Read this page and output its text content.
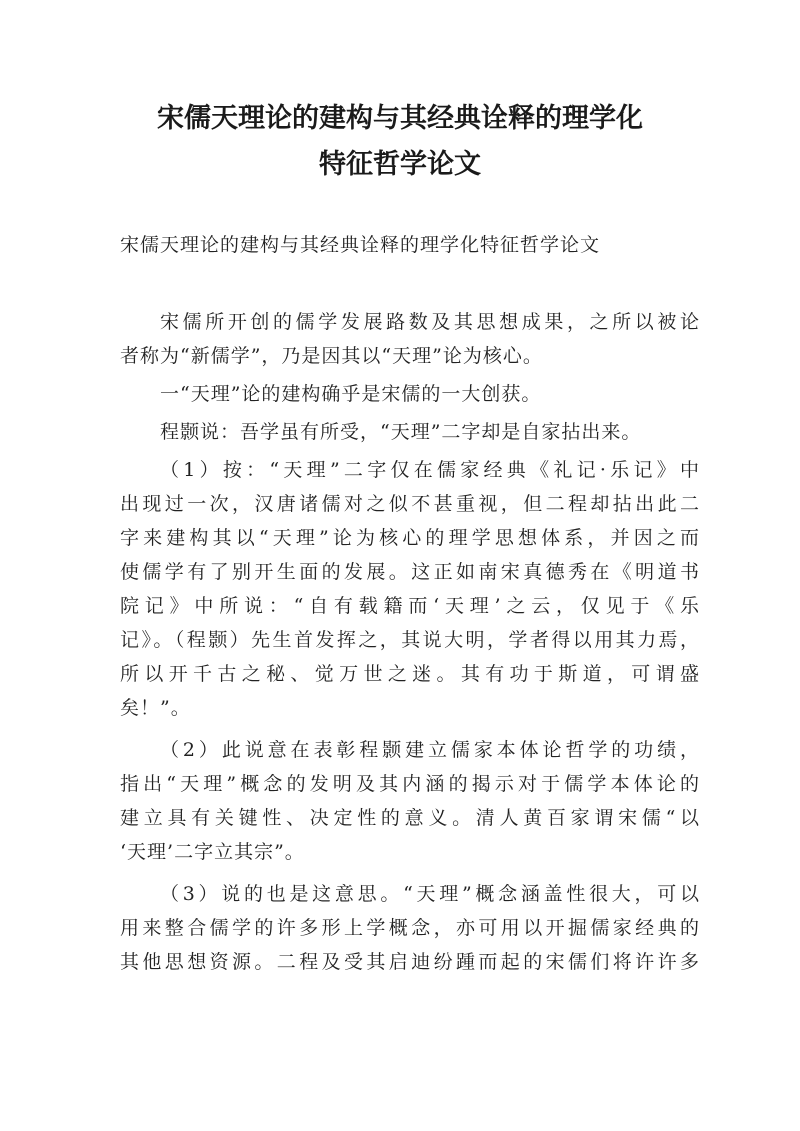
宋儒天理论的建构与其经典诠释的理学化
特征哲学论文

宋儒天理论的建构与其经典诠释的理学化特征哲学论文

宋儒所开创的儒学发展路数及其思想成果，之所以被论
者称为“新儒学”，乃是因其以“天理”论为核心。
一“天理”论的建构确乎是宋儒的一大创获。
程颢说：吾学虽有所受，“天理”二字却是自家拈出来。
（1）按：“天理”二字仅在儒家经典《礼记·乐记》中
出现过一次，汉唐诸儒对之似不甚重视，但二程却拈出此二
字来建构其以“天理”论为核心的理学思想体系，并因之而
使儒学有了别开生面的发展。这正如南宋真德秀在《明道书
院记》中所说：“自有载籍而‘天理’之云，仅见于《乐
记》。（程颢）先生首发挥之，其说大明，学者得以用其力焉，
所以开千古之秘、觉万世之迷。其有功于斯道，可谓盛
矣！”。
（2）此说意在表彰程颢建立儒家本体论哲学的功绩，
指出“天理”概念的发明及其内涵的揭示对于儒学本体论的
建立具有关键性、决定性的意义。清人黄百家谓宋儒“以
‘天理’二字立其宗”。
（3）说的也是这意思。“天理”概念涵盖性很大，可以
用来整合儒学的许多形上学概念，亦可用以开掘儒家经典的
其他思想资源。二程及受其启迪纷踵而起的宋儒们将许许多
